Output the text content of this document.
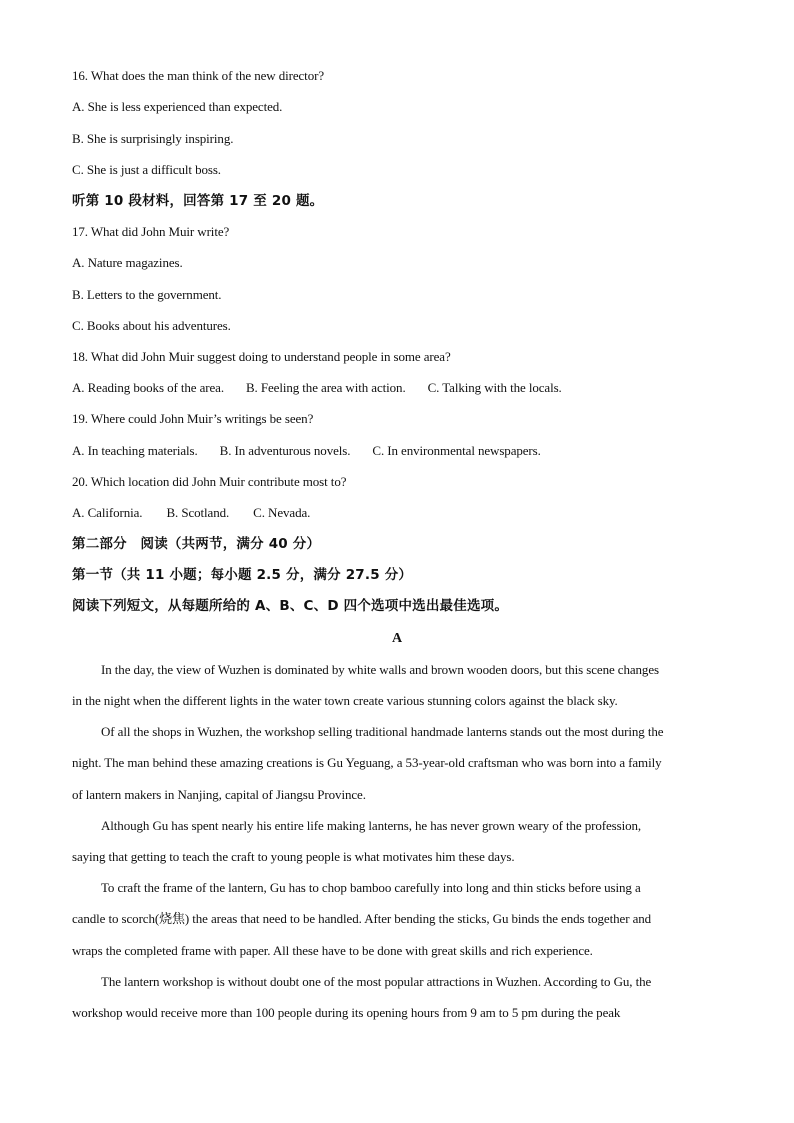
16. What does the man think of the new director?
A. She is less experienced than expected.
B. She is surprisingly inspiring.
C. She is just a difficult boss.
听第 10 段材料，回答第 17 至 20 题。
17. What did John Muir write?
A. Nature magazines.
B. Letters to the government.
C. Books about his adventures.
18. What did John Muir suggest doing to understand people in some area?
A. Reading books of the area. B. Feeling the area with action. C. Talking with the locals.
19. Where could John Muir’s writings be seen?
A. In teaching materials. B. In adventurous novels. C. In environmental newspapers.
20. Which location did John Muir contribute most to?
A. California. B. Scotland. C. Nevada.
第二部分　阅读（共两节，满分 40 分）
第一节（共 11 小题；每小题 2.5 分，满分 27.5 分）
阅读下列短文，从每题所给的 A、B、C、D 四个选项中选出最佳选项。
A
In the day, the view of Wuzhen is dominated by white walls and brown wooden doors, but this scene changes
in the night when the different lights in the water town create various stunning colors against the black sky.
Of all the shops in Wuzhen, the workshop selling traditional handmade lanterns stands out the most during the
night. The man behind these amazing creations is Gu Yeguang, a 53-year-old craftsman who was born into a family
of lantern makers in Nanjing, capital of Jiangsu Province.
Although Gu has spent nearly his entire life making lanterns, he has never grown weary of the profession,
saying that getting to teach the craft to young people is what motivates him these days.
To craft the frame of the lantern, Gu has to chop bamboo carefully into long and thin sticks before using a
candle to scorch(烧焦) the areas that need to be handled. After bending the sticks, Gu binds the ends together and
wraps the completed frame with paper. All these have to be done with great skills and rich experience.
The lantern workshop is without doubt one of the most popular attractions in Wuzhen. According to Gu, the
workshop would receive more than 100 people during its opening hours from 9 am to 5 pm during the peak
